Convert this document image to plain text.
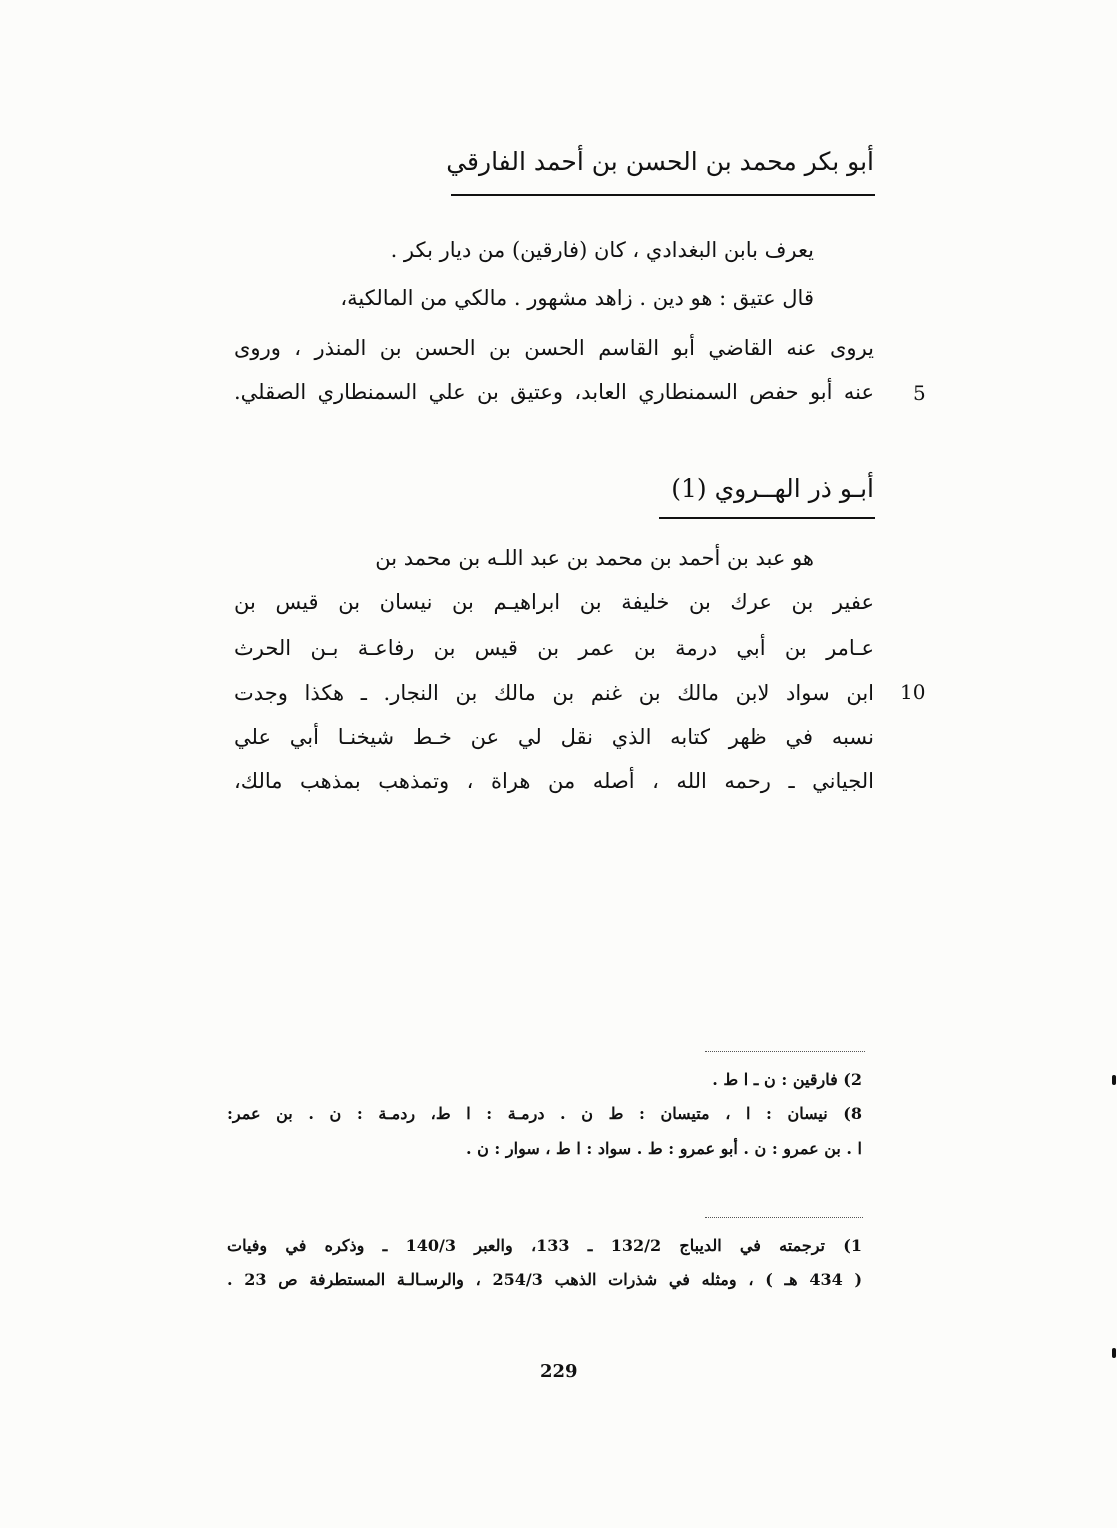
أبو بكر محمد بن الحسن بن أحمد الفارقي
يعرف بابن البغدادي ، كان (فارقين) من ديار بكر .
قال عتيق : هو دين . زاهد مشهور . مالكي من المالكية،
يروى عنه القاضي أبو القاسم الحسن بن الحسن بن المنذر ، وروى
عنه أبو حفص السمنطاري العابد، وعتيق بن علي السمنطاري الصقلي. 5
أبـو ذر الهــروي (1)
هو عبد بن أحمد بن محمد بن عبد اللـه بن محمد بن
عفير بن عرك بن خليفة بن ابراهيـم بن نيسان بن قيس بن
عـامر بن أبي درمة بن عمر بن قيس بن رفاعـة بـن الحرث
ابن سواد لابن مالك بن غنم بن مالك بن النجار. ـ هكذا وجدت
نسبه في ظهر كتابه الذي نقل لي عن خـط شيخنـا أبي علي
الجياني ـ رحمه الله ، أصله من هراة ، وتمذهب بمذهب مالك،
10
2) فارقين : ن ـ ا ط .
8) نيسان : ا ، متيسان : ط ن . درمـة : ا ط، ردمـة : ن . بن عمر:
ا . بن عمرو : ن . أبو عمرو : ط . سواد : ا ط ، سوار : ن .
1) ترجمته في الديباج 132/2 ـ 133، والعبر 140/3 ـ وذكره في وفيات
( 434 هـ ) ، ومثله في شذرات الذهب 254/3 ، والرسـالـة المستطرفة ص 23 .
229
